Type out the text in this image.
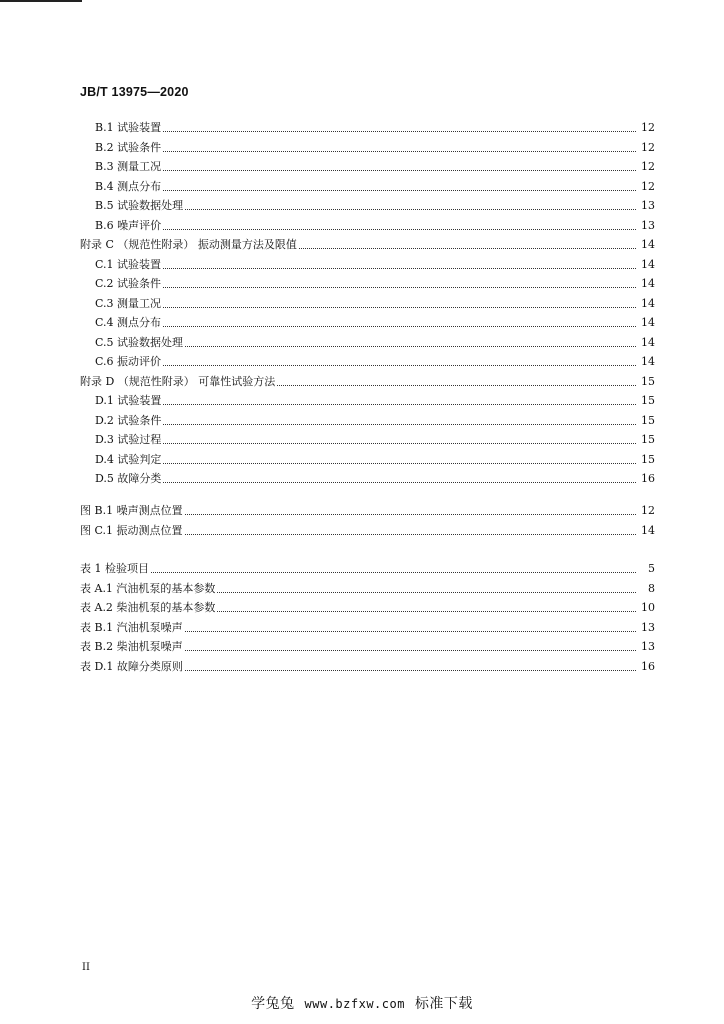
JB/T 13975—2020
B.1 试验装置	12
B.2 试验条件	12
B.3 测量工况	12
B.4 测点分布	12
B.5 试验数据处理	13
B.6 噪声评价	13
附录 C （规范性附录） 振动测量方法及限值	14
C.1 试验装置	14
C.2 试验条件	14
C.3 测量工况	14
C.4 测点分布	14
C.5 试验数据处理	14
C.6 振动评价	14
附录 D （规范性附录） 可靠性试验方法	15
D.1 试验装置	15
D.2 试验条件	15
D.3 试验过程	15
D.4 试验判定	15
D.5 故障分类	16
图 B.1 噪声测点位置	12
图 C.1 振动测点位置	14
表 1 检验项目	5
表 A.1 汽油机泵的基本参数	8
表 A.2 柴油机泵的基本参数	10
表 B.1 汽油机泵噪声	13
表 B.2 柴油机泵噪声	13
表 D.1 故障分类原则	16
II
学兔兔 www.bzfxw.com 标准下载
